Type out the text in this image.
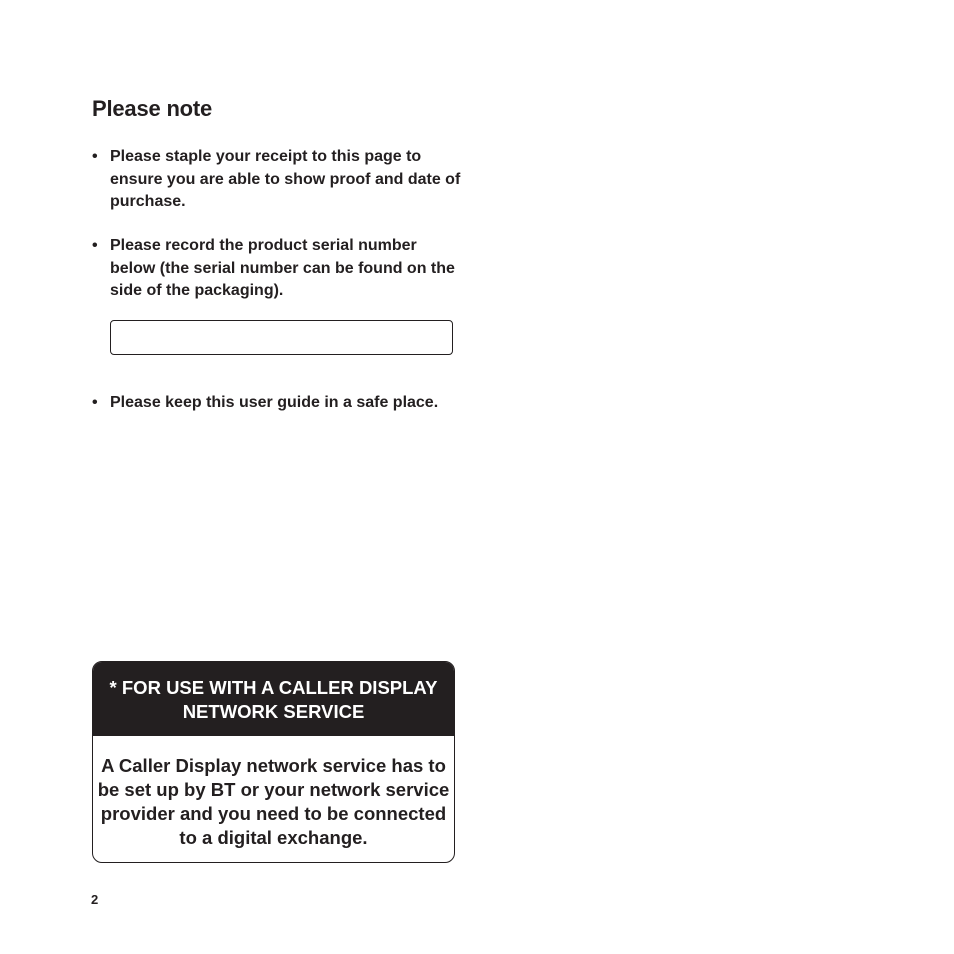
Please note
• Please staple your receipt to this page to ensure you are able to show proof and date of purchase.
• Please record the product serial number below (the serial number can be found on the side of the packaging).
• Please keep this user guide in a safe place.
* FOR USE WITH A CALLER DISPLAY
NETWORK SERVICE
A Caller Display network service has to
be set up by BT or your network service
provider and you need to be connected
to a digital exchange.
2
